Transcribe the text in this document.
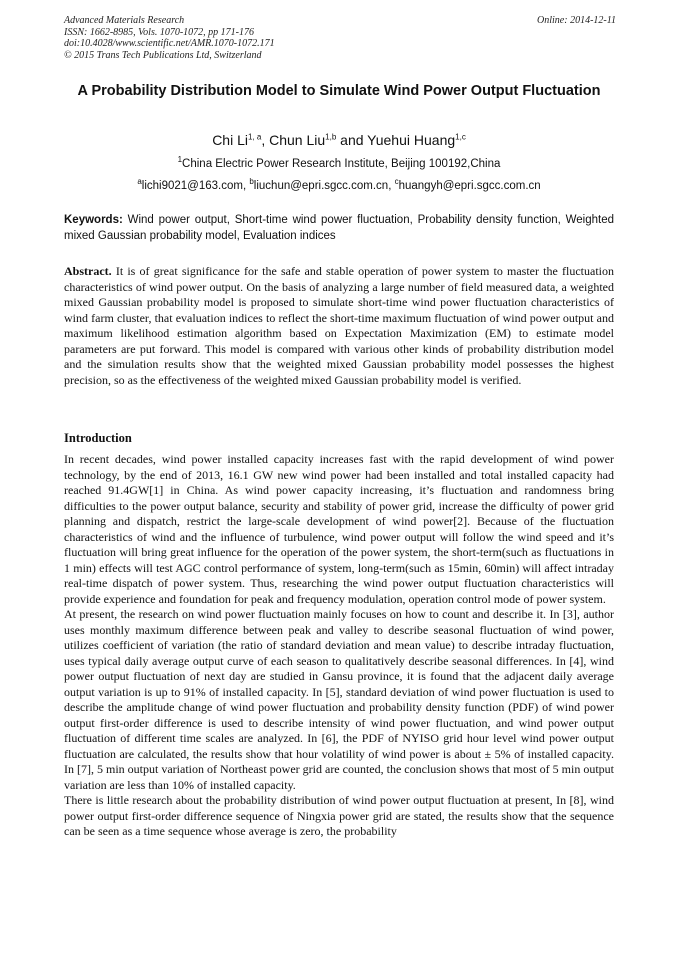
Advanced Materials Research
ISSN: 1662-8985, Vols. 1070-1072, pp 171-176
doi:10.4028/www.scientific.net/AMR.1070-1072.171
© 2015 Trans Tech Publications Ltd, Switzerland
Online: 2014-12-11
A Probability Distribution Model to Simulate Wind Power Output Fluctuation
Chi Li$^{1, a}$, Chun Liu$^{1,b}$ and Yuehui Huang$^{1,c}$
$^1$China Electric Power Research Institute, Beijing 100192,China
$^a$lichi9021@163.com, $^b$liuchun@epri.sgcc.com.cn, $^c$huangyh@epri.sgcc.com.cn
Keywords: Wind power output, Short-time wind power fluctuation, Probability density function, Weighted mixed Gaussian probability model, Evaluation indices
Abstract. It is of great significance for the safe and stable operation of power system to master the fluctuation characteristics of wind power output. On the basis of analyzing a large number of field measured data, a weighted mixed Gaussian probability model is proposed to simulate short-time wind power fluctuation characteristics of wind farm cluster, that evaluation indices to reflect the short-time maximum fluctuation of wind power output and maximum likelihood estimation algorithm based on Expectation Maximization (EM) to estimate model parameters are put forward. This model is compared with various other kinds of probability distribution model and the simulation results show that the weighted mixed Gaussian probability model possesses the highest precision, so as the effectiveness of the weighted mixed Gaussian probability model is verified.
Introduction

In recent decades, wind power installed capacity increases fast with the rapid development of wind power technology, by the end of 2013, 16.1 GW new wind power had been installed and total installed capacity had reached 91.4GW[1] in China. As wind power capacity increasing, it’s fluctuation and randomness bring difficulties to the power output balance, security and stability of power grid, increase the difficulty of power grid planning and dispatch, restrict the large-scale development of wind power[2]. Because of the fluctuation characteristics of wind and the influence of turbulence, wind power output will follow the wind speed and it’s fluctuation will bring great influence for the operation of the power system, the short-term(such as fluctuations in 1 min) effects will test AGC control performance of system, long-term(such as 15min, 60min) will affect intraday real-time dispatch of power system. Thus, researching the wind power output fluctuation characteristics will provide experience and foundation for peak and frequency modulation, operation control mode of power system.

At present, the research on wind power fluctuation mainly focuses on how to count and describe it. In [3], author uses monthly maximum difference between peak and valley to describe seasonal fluctuation of wind power, utilizes coefficient of variation (the ratio of standard deviation and mean value) to describe intraday fluctuation, uses typical daily average output curve of each season to qualitatively describe seasonal differences. In [4], wind power output fluctuation of next day are studied in Gansu province, it is found that the adjacent daily average output variation is up to 91% of installed capacity. In [5], standard deviation of wind power fluctuation is used to describe the amplitude change of wind power fluctuation and probability density function (PDF) of wind power output first-order difference is used to describe intensity of wind power fluctuation, and wind power output fluctuation of different time scales are analyzed. In [6], the PDF of NYISO grid hour level wind power output fluctuation are calculated, the results show that hour volatility of wind power is about ± 5% of installed capacity. In [7], 5 min output variation of Northeast power grid are counted, the conclusion shows that most of 5 min output variation are less than 10% of installed capacity.

There is little research about the probability distribution of wind power output fluctuation at present, In [8], wind power output first-order difference sequence of Ningxia power grid are stated, the results show that the sequence can be seen as a time sequence whose average is zero, the probability
